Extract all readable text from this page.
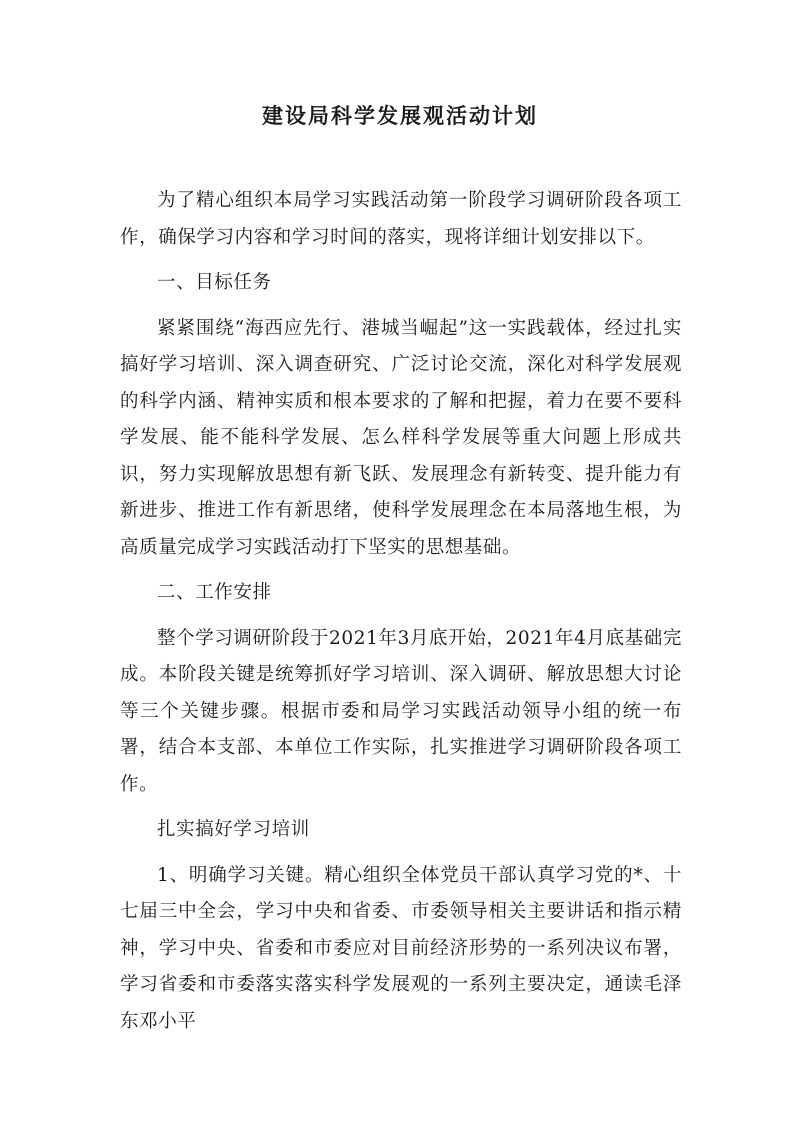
建设局科学发展观活动计划

为了精心组织本局学习实践活动第一阶段学习调研阶段各项工作，确保学习内容和学习时间的落实，现将详细计划安排以下。

一、目标任务

紧紧围绕“海西应先行、港城当崛起”这一实践载体，经过扎实搞好学习培训、深入调查研究、广泛讨论交流，深化对科学发展观的科学内涵、精神实质和根本要求的了解和把握，着力在要不要科学发展、能不能科学发展、怎么样科学发展等重大问题上形成共识，努力实现解放思想有新飞跃、发展理念有新转变、提升能力有新进步、推进工作有新思绪，使科学发展理念在本局落地生根，为高质量完成学习实践活动打下坚实的思想基础。

二、工作安排

整个学习调研阶段于2021年3月底开始，2021年4月底基础完成。本阶段关键是统筹抓好学习培训、深入调研、解放思想大讨论等三个关键步骤。根据市委和局学习实践活动领导小组的统一布署，结合本支部、本单位工作实际，扎实推进学习调研阶段各项工作。

扎实搞好学习培训

1、明确学习关键。精心组织全体党员干部认真学习党的*、十七届三中全会，学习中央和省委、市委领导相关主要讲话和指示精神，学习中央、省委和市委应对目前经济形势的一系列决议布署，学习省委和市委落实落实科学发展观的一系列主要决定，通读毛泽东邓小平
